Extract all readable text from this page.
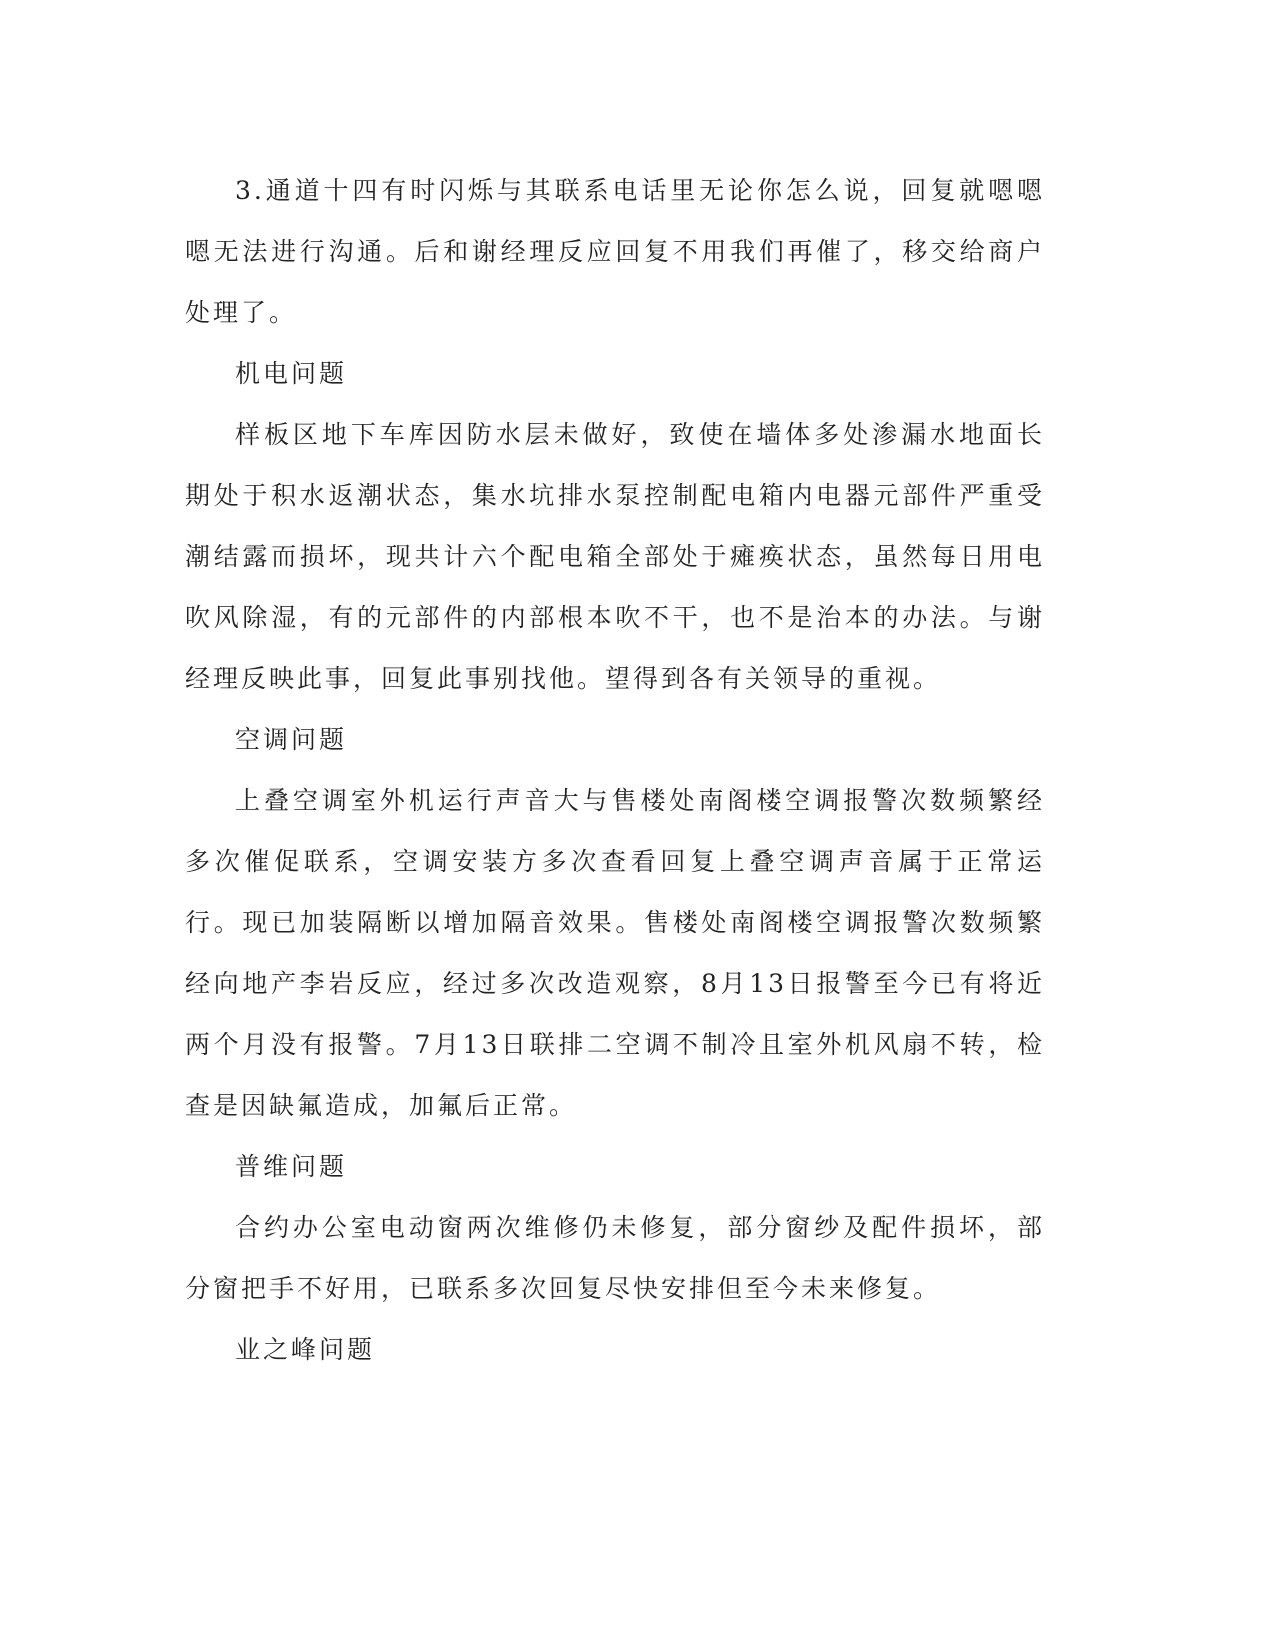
3.通道十四有时闪烁与其联系电话里无论你怎么说，回复就嗯嗯嗯无法进行沟通。后和谢经理反应回复不用我们再催了，移交给商户处理了。

机电问题

样板区地下车库因防水层未做好，致使在墙体多处渗漏水地面长期处于积水返潮状态，集水坑排水泵控制配电箱内电器元部件严重受潮结露而损坏，现共计六个配电箱全部处于瘫痪状态，虽然每日用电吹风除湿，有的元部件的内部根本吹不干，也不是治本的办法。与谢经理反映此事，回复此事别找他。望得到各有关领导的重视。

空调问题

上叠空调室外机运行声音大与售楼处南阁楼空调报警次数频繁经多次催促联系，空调安装方多次查看回复上叠空调声音属于正常运行。现已加装隔断以增加隔音效果。售楼处南阁楼空调报警次数频繁经向地产李岩反应，经过多次改造观察，8月13日报警至今已有将近两个月没有报警。7月13日联排二空调不制冷且室外机风扇不转，检查是因缺氟造成，加氟后正常。

普维问题

合约办公室电动窗两次维修仍未修复，部分窗纱及配件损坏，部分窗把手不好用，已联系多次回复尽快安排但至今未来修复。

业之峰问题
